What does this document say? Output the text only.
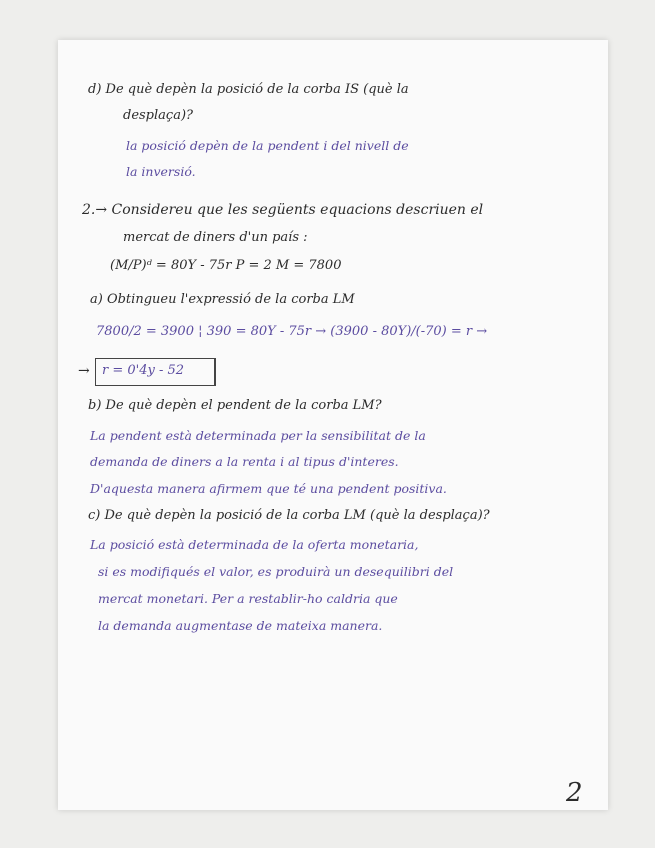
d) De què depèn la posició de la corba IS (què la
desplaça)?
la posició depèn de la pendent i del nivell de
la inversió.
2.→ Considereu que les següents equacions descriuen el
mercat de diners d'un país :
(M/P)ᵈ = 80Y - 75r P = 2 M = 7800
a) Obtingueu l'expressió de la corba LM
7800/2 = 3900 ¦ 390 = 80Y - 75r → (3900 - 80Y)/(-70) = r →
→ r = 0'4y - 52
b) De què depèn el pendent de la corba LM?
La pendent està determinada per la sensibilitat de la
demanda de diners a la renta i al tipus d'interes.
D'aquesta manera afirmem que té una pendent positiva.
c) De què depèn la posició de la corba LM (què la desplaça)?
La posició està determinada de la oferta monetaria,
si es modifiqués el valor, es produirà un desequilibri del
mercat monetari. Per a restablir-ho caldria que
la demanda augmentase de mateixa manera.
2
